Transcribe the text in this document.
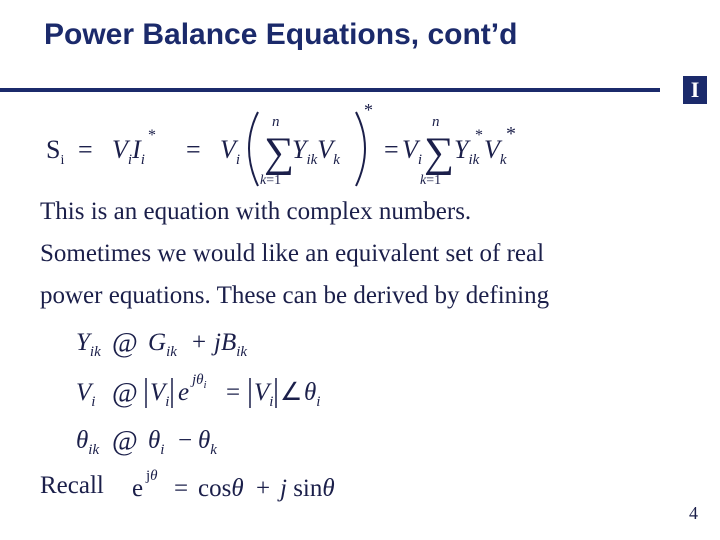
Power Balance Equations, cont’d
I
$S_i = V_iI_i$
* = $V_i$ ∑
n
k=1
$Y_{ik}V_k$
*
= $V_i$ ∑
n
k=1
$Y_{ik}$
* $V_k$
*
This is an equation with complex numbers.
Sometimes we would like an equivalent set of real
power equations. These can be derived by defining
$Y_{ik}$ @ $G_{ik} + jB_{ik}$
$V_i$ @ $V_i$ e $j\theta_i = V_i$ ∠ $\theta_i$
$\theta_{ik}$ @ $\theta_i - \theta_k$
Recall e jθ = cosθ + j sinθ
4
